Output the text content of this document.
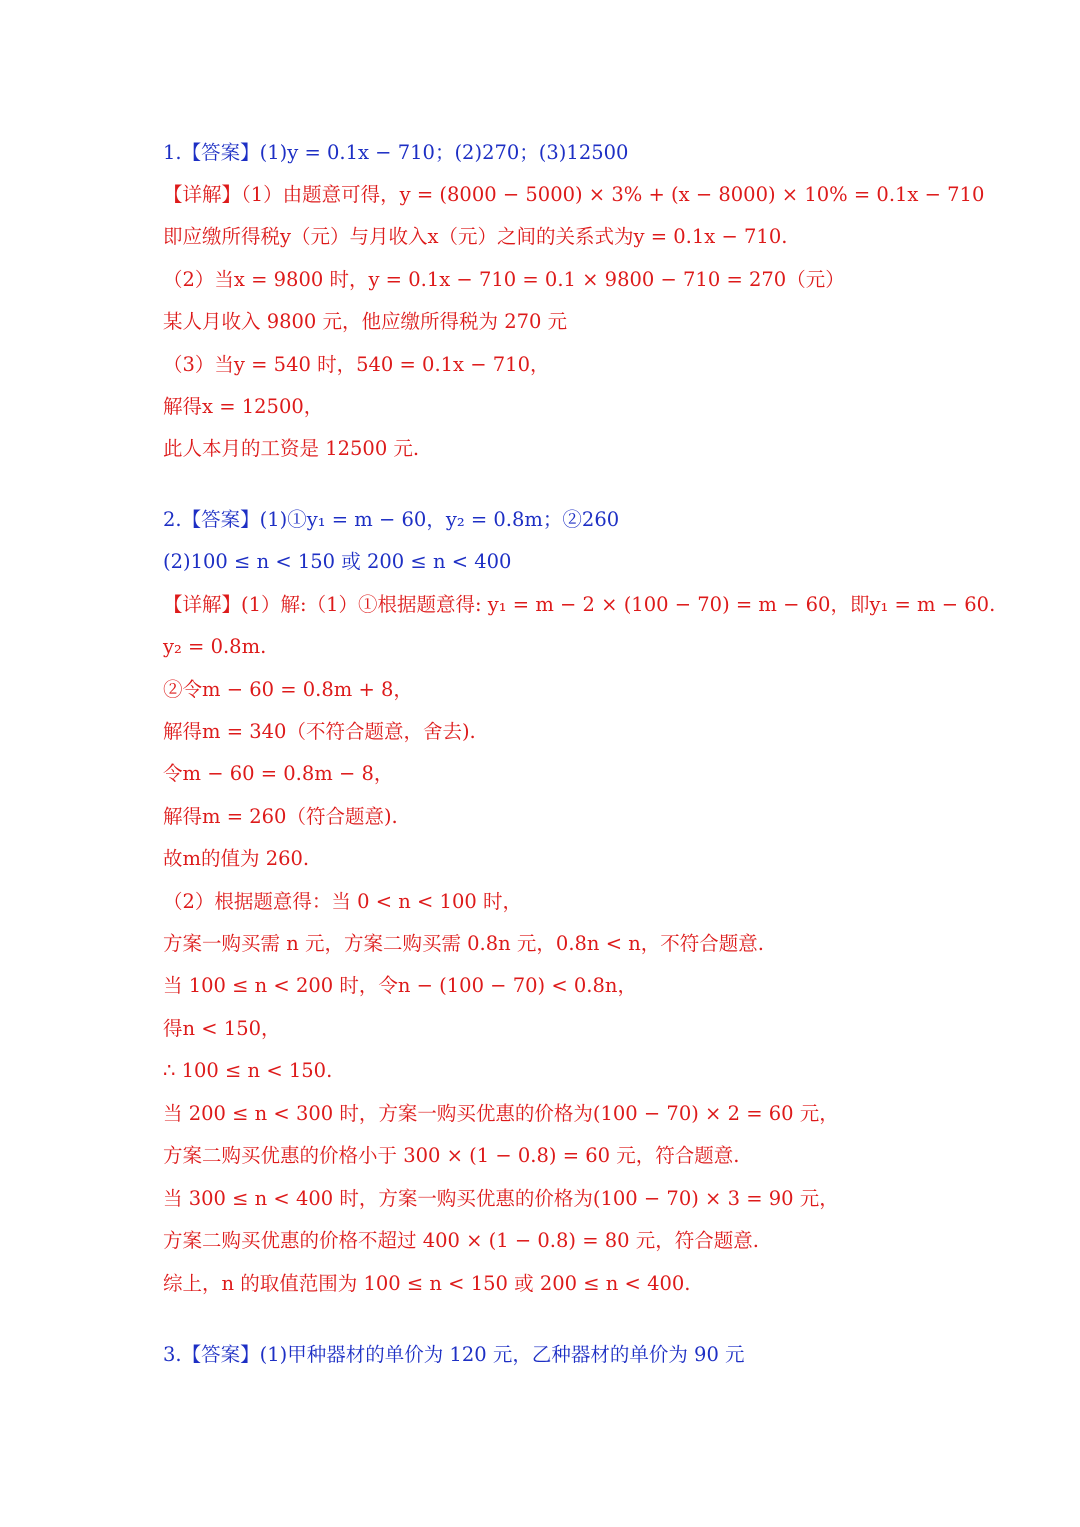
1.【答案】(1)y = 0.1x − 710；(2)270；(3)12500
【详解】（1）由题意可得，y = (8000 − 5000) × 3% + (x − 8000) × 10% = 0.1x − 710
即应缴所得税y（元）与月收入x（元）之间的关系式为y = 0.1x − 710.
（2）当x = 9800 时，y = 0.1x − 710 = 0.1 × 9800 − 710 = 270（元）
某人月收入 9800 元，他应缴所得税为 270 元
（3）当y = 540 时，540 = 0.1x − 710，
解得x = 12500，
此人本月的工资是 12500 元.
2.【答案】(1)①y₁ = m − 60，y₂ = 0.8m；②260
(2)100 ≤ n < 150 或 200 ≤ n < 400
【详解】(1）解:（1）①根据题意得: y₁ = m − 2 × (100 − 70) = m − 60，即y₁ = m − 60.
y₂ = 0.8m.
②令m − 60 = 0.8m + 8，
解得m = 340（不符合题意，舍去).
令m − 60 = 0.8m − 8，
解得m = 260（符合题意).
故m的值为 260.
（2）根据题意得：当 0 < n < 100 时，
方案一购买需 n 元，方案二购买需 0.8n 元，0.8n < n，不符合题意.
当 100 ≤ n < 200 时，令n − (100 − 70) < 0.8n，
得n < 150，
∴ 100 ≤ n < 150.
当 200 ≤ n < 300 时，方案一购买优惠的价格为(100 − 70) × 2 = 60 元，
方案二购买优惠的价格小于 300 × (1 − 0.8) = 60 元，符合题意.
当 300 ≤ n < 400 时，方案一购买优惠的价格为(100 − 70) × 3 = 90 元，
方案二购买优惠的价格不超过 400 × (1 − 0.8) = 80 元，符合题意.
综上，n 的取值范围为 100 ≤ n < 150 或 200 ≤ n < 400.
3.【答案】(1)甲种器材的单价为 120 元，乙种器材的单价为 90 元
